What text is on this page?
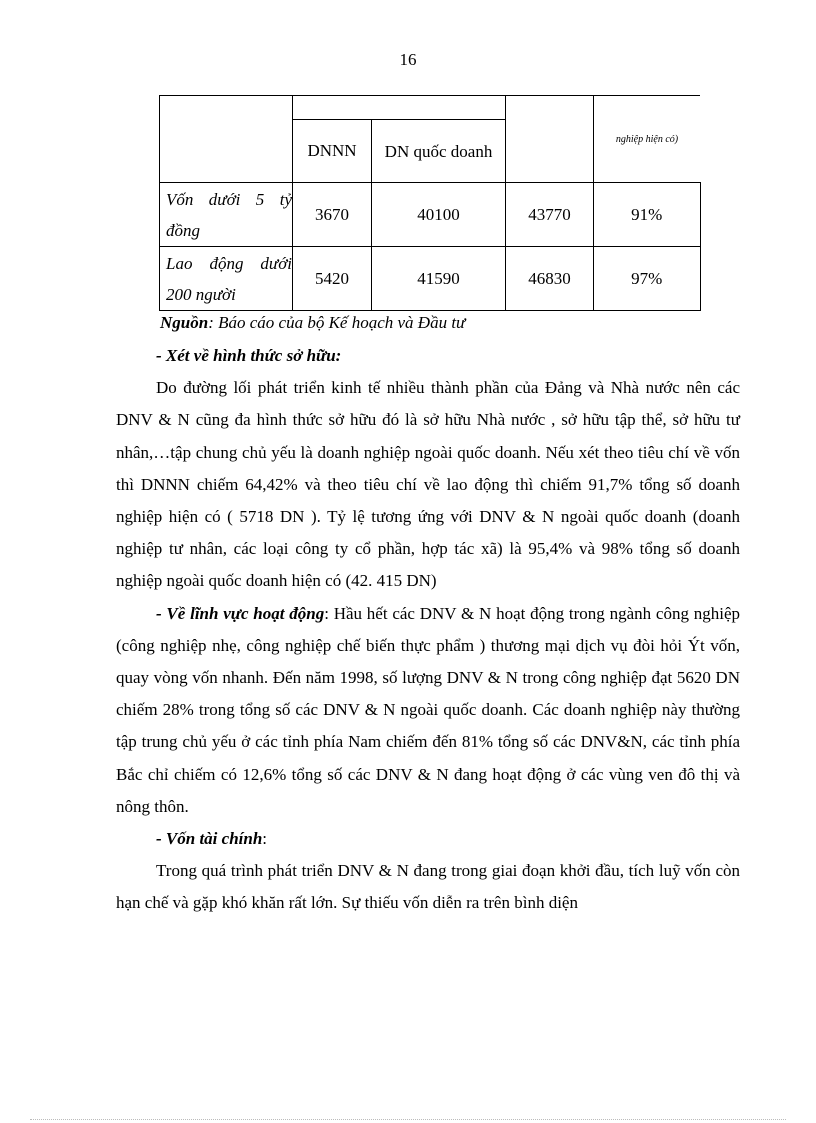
16

				nghiệp hiện có)

	DNNN	DN quốc doanh		
Vốn dưới 5 tỷ đồng	3670	40100	43770	91%
Lao động dưới 200 người	5420	41590	46830	97%
Nguồn: Báo cáo của bộ Kế hoạch và Đầu tư

- Xét về hình thức sở hữu:

Do đường lối phát triển kinh tế nhiều thành phần của Đảng và Nhà nước nên các DNV & N cũng đa hình thức sở hữu đó là sở hữu Nhà nước , sở hữu tập thể, sở hữu tư nhân,…tập chung chủ yếu là doanh nghiệp ngoài quốc doanh. Nếu xét theo tiêu chí về vốn thì DNNN chiếm 64,42% và theo tiêu chí về lao động thì chiếm 91,7% tổng số doanh nghiệp hiện có ( 5718 DN ). Tỷ lệ tương ứng với DNV & N ngoài quốc doanh (doanh nghiệp tư nhân, các loại công ty cổ phần, hợp tác xã) là 95,4% và 98% tổng số doanh nghiệp ngoài quốc doanh hiện có (42. 415 DN)

- Về lĩnh vực hoạt động: Hầu hết các DNV & N hoạt động trong ngành công nghiệp (công nghiệp nhẹ, công nghiệp chế biến thực phẩm ) thương mại dịch vụ đòi hỏi Ýt vốn, quay vòng vốn nhanh. Đến năm 1998, số lượng DNV & N trong công nghiệp đạt 5620 DN chiếm 28% trong tổng số các DNV & N ngoài quốc doanh. Các doanh nghiệp này thường tập trung chủ yếu ở các tỉnh phía Nam chiếm đến 81% tổng số các DNV&N, các tỉnh phía Bắc chỉ chiếm có 12,6% tổng số các DNV & N đang hoạt động ở các vùng ven đô thị và nông thôn.

- Vốn tài chính:

Trong quá trình phát triển DNV & N đang trong giai đoạn khởi đầu, tích luỹ vốn còn hạn chế và gặp khó khăn rất lớn. Sự thiếu vốn diễn ra trên bình diện
